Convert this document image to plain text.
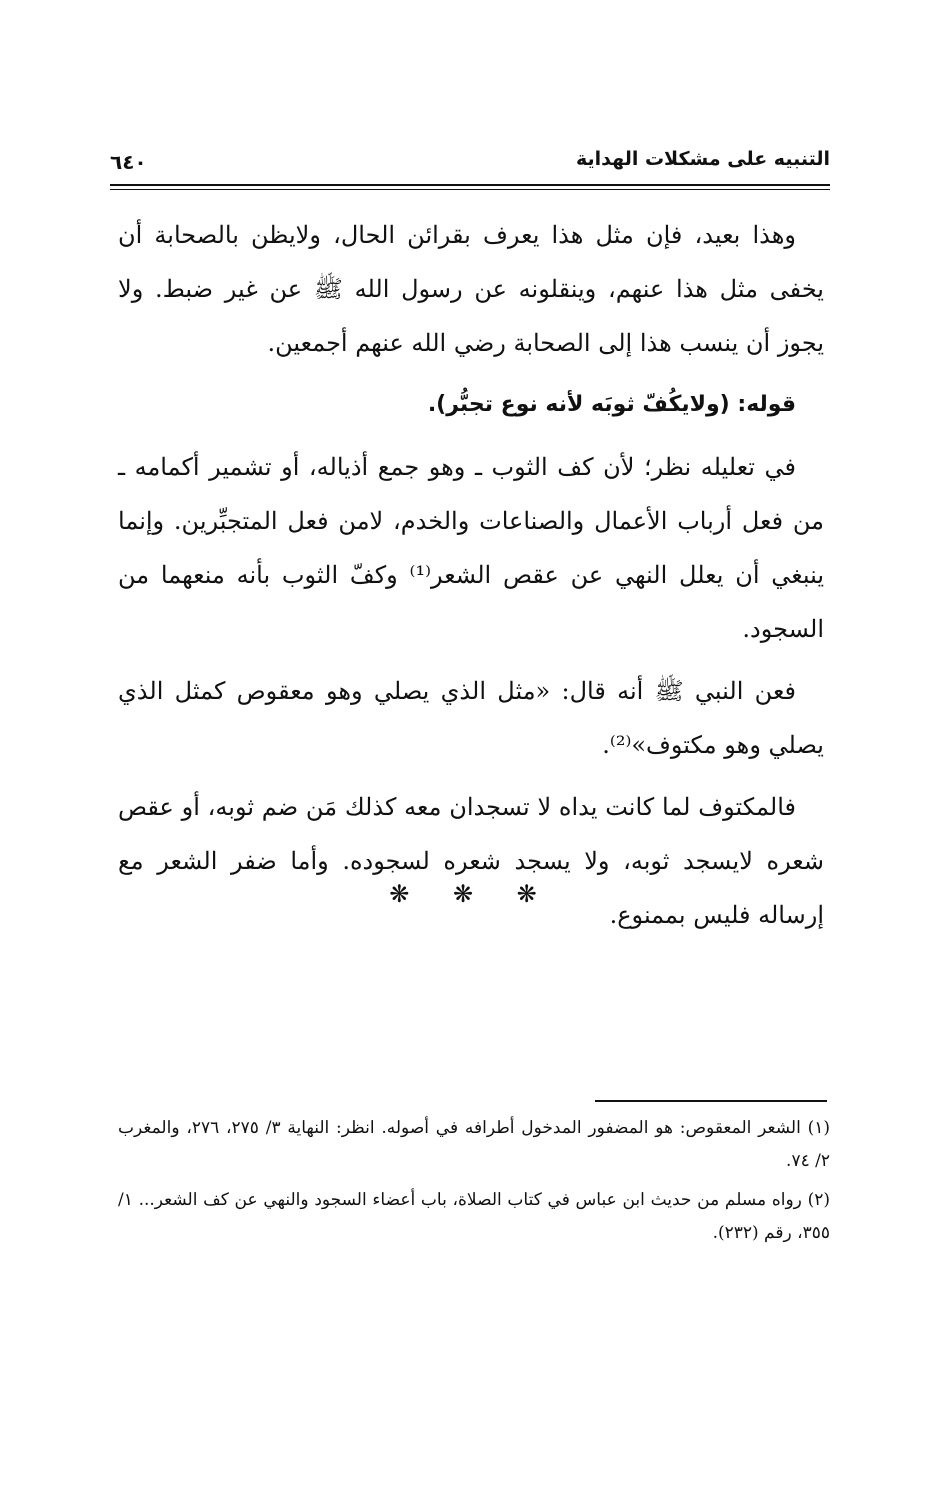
التنبيه على مشكلات الهداية
٦٤٠

وهذا بعيد، فإن مثل هذا يعرف بقرائن الحال، ولايظن بالصحابة أن يخفى مثل هذا عنهم، وينقلونه عن رسول الله ﷺ عن غير ضبط. ولا يجوز أن ينسب هذا إلى الصحابة رضي الله عنهم أجمعين.

قوله: (ولايكُفّ ثوبَه لأنه نوع تجبُّر).

في تعليله نظر؛ لأن كف الثوب ـ وهو جمع أذياله، أو تشمير أكمامه ـ من فعل أرباب الأعمال والصناعات والخدم، لامن فعل المتجبِّرين. وإنما ينبغي أن يعلل النهي عن عقص الشعر⁽¹⁾ وكفّ الثوب بأنه منعهما من السجود.

فعن النبي ﷺ أنه قال: «مثل الذي يصلي وهو معقوص كمثل الذي يصلي وهو مكتوف»⁽²⁾.

فالمكتوف لما كانت يداه لا تسجدان معه كذلك مَن ضم ثوبه، أو عقص شعره لايسجد ثوبه، ولا يسجد شعره لسجوده. وأما ضفر الشعر مع إرساله فليس بممنوع.

❋ ❋ ❋

(١) الشعر المعقوص: هو المضفور المدخول أطرافه في أصوله. انظر: النهاية ٣/ ٢٧٥، ٢٧٦، والمغرب ٢/ ٧٤.

(٢) رواه مسلم من حديث ابن عباس في كتاب الصلاة، باب أعضاء السجود والنهي عن كف الشعر... ١/ ٣٥٥، رقم (٢٣٢).
